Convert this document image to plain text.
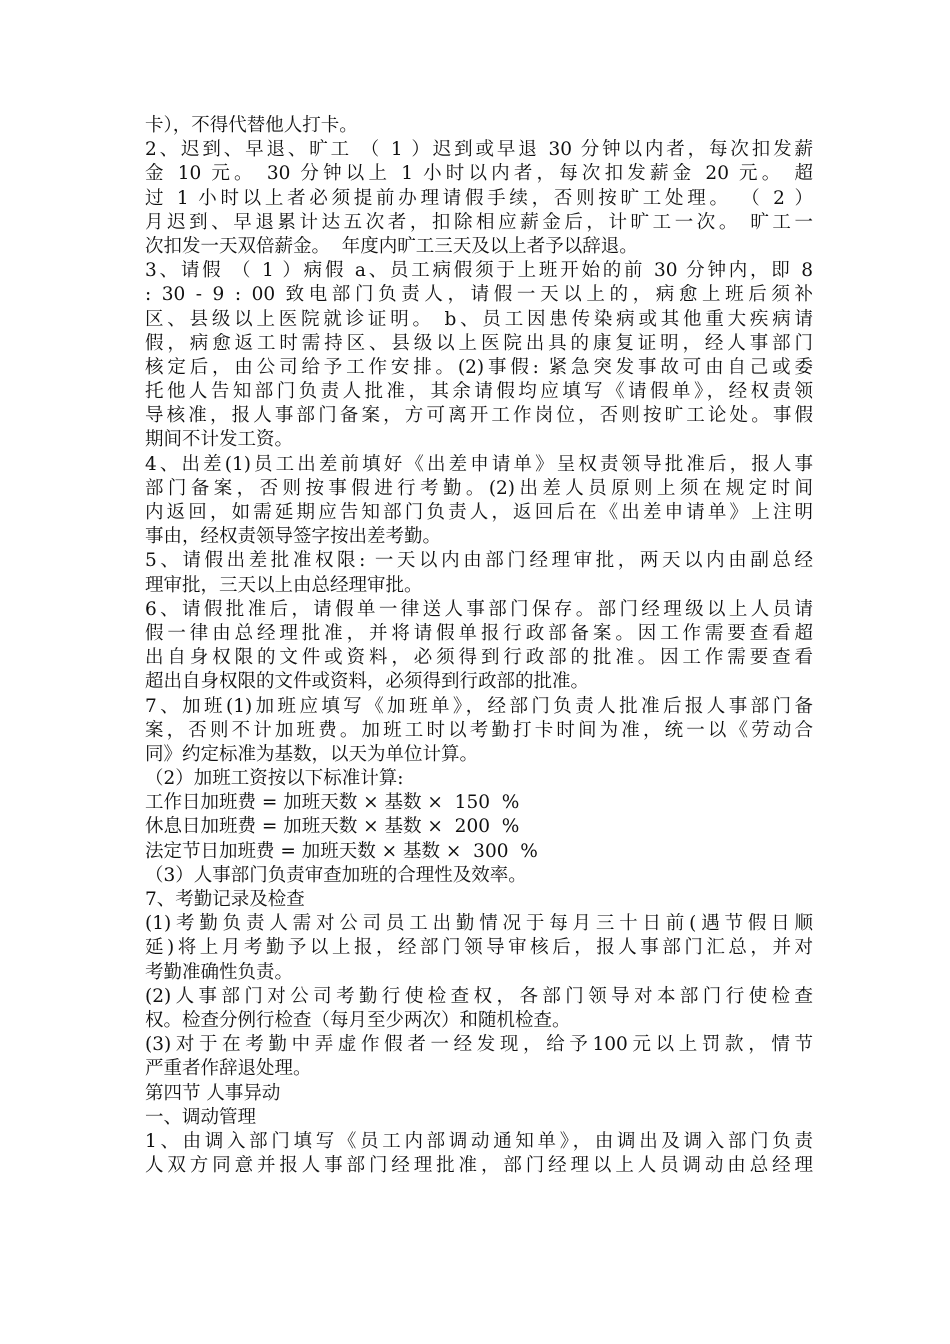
卡），不得代替他人打卡。
2、迟到、早退、旷工 （ 1 ）迟到或早退 30 分钟以内者，每次扣发薪
金 10 元。 30 分钟以上 1 小时以内者，每次扣发薪金 20 元。 超
过 1 小时以上者必须提前办理请假手续，否则按旷工处理。 （ 2 ）
月迟到、早退累计达五次者，扣除相应薪金后，计旷工一次。 旷工一
次扣发一天双倍薪金。  年度内旷工三天及以上者予以辞退。
3、请假 （ 1 ）病假 a、员工病假须于上班开始的前 30 分钟内，即 8
: 30 - 9 : 00 致电部门负责人，请假一天以上的，病愈上班后须补
区、县级以上医院就诊证明。 b、员工因患传染病或其他重大疾病请
假，病愈返工时需持区、县级以上医院出具的康复证明，经人事部门
核定后，由公司给予工作安排。(2)事假: 紧急突发事故可由自己或委
托他人告知部门负责人批准，其余请假均应填写《请假单》，经权责领
导核准，报人事部门备案，方可离开工作岗位，否则按旷工论处。事假
期间不计发工资。
4、出差(1)员工出差前填好《出差申请单》呈权责领导批准后，报人事
部门备案，否则按事假进行考勤。(2)出差人员原则上须在规定时间
内返回，如需延期应告知部门负责人，返回后在《出差申请单》上注明
事由，经权责领导签字按出差考勤。
5、请假出差批准权限: 一天以内由部门经理审批，两天以内由副总经
理审批，三天以上由总经理审批。
6、请假批准后，请假单一律送人事部门保存。部门经理级以上人员请
假一律由总经理批准，并将请假单报行政部备案。因工作需要查看超
出自身权限的文件或资料，必须得到行政部的批准。因工作需要查看
超出自身权限的文件或资料，必须得到行政部的批准。
7、加班(1)加班应填写《加班单》，经部门负责人批准后报人事部门备
案，否则不计加班费。加班工时以考勤打卡时间为准，统一以《劳动合
同》约定标准为基数，以天为单位计算。
（2）加班工资按以下标准计算:
工作日加班费 = 加班天数 × 基数 ×  150  %
休息日加班费 = 加班天数 × 基数 ×  200  %
法定节日加班费 = 加班天数 × 基数 ×  300  %
（3）人事部门负责审查加班的合理性及效率。
7、考勤记录及检查
(1)考勤负责人需对公司员工出勤情况于每月三十日前(遇节假日顺
延)将上月考勤予以上报，经部门领导审核后，报人事部门汇总，并对
考勤准确性负责。
(2)人事部门对公司考勤行使检查权，各部门领导对本部门行使检查
权。检查分例行检查（每月至少两次）和随机检查。
(3)对于在考勤中弄虚作假者一经发现，给予100元以上罚款，情节
严重者作辞退处理。
第四节 人事异动
一、调动管理
1、由调入部门填写《员工内部调动通知单》，由调出及调入部门负责
人双方同意并报人事部门经理批准，部门经理以上人员调动由总经理
